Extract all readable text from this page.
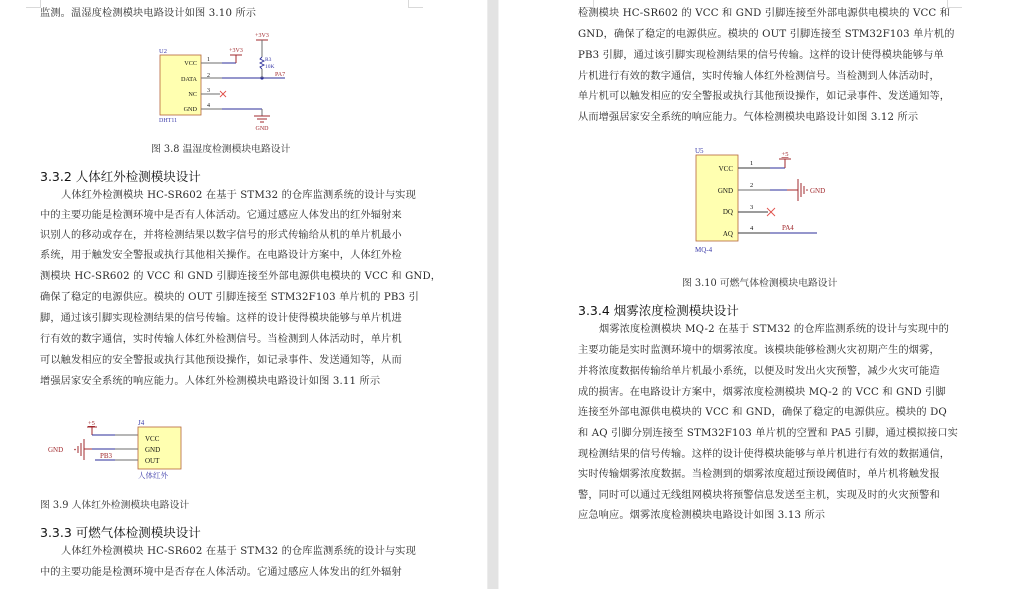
监测。温湿度检测模块电路设计如图 3.10 所示
U2
DHT11
VCC
DATA
NC
GND
1
2
3
4
+3V3
PA7
+3V3
R3
10K
GND
图 3.8 温湿度检测模块电路设计
3.3.2 人体红外检测模块设计
人体红外检测模块 HC-SR602 在基于 STM32 的仓库监测系统的设计与实现
中的主要功能是检测环境中是否有人体活动。它通过感应人体发出的红外辐射来
识别人的移动或存在，并将检测结果以数字信号的形式传输给从机的单片机最小
系统，用于触发安全警报或执行其他相关操作。在电路设计方案中，人体红外检
测模块 HC-SR602 的 VCC 和 GND 引脚连接至外部电源供电模块的 VCC 和 GND，
确保了稳定的电源供应。模块的 OUT 引脚连接至 STM32F103 单片机的 PB3 引
脚，通过该引脚实现检测结果的信号传输。这样的设计使得模块能够与单片机进
行有效的数字通信，实时传输人体红外检测信号。当检测到人体活动时，单片机
可以触发相应的安全警报或执行其他预设操作，如记录事件、发送通知等，从而
增强居家安全系统的响应能力。人体红外检测模块电路设计如图 3.11 所示
+5	J4
VCC
GND
OUT
人体红外
GND
PB3
图 3.9 人体红外检测模块电路设计
3.3.3 可燃气体检测模块设计
人体红外检测模块 HC-SR602 在基于 STM32 的仓库监测系统的设计与实现
中的主要功能是检测环境中是否存在人体活动。它通过感应人体发出的红外辐射
检测模块 HC-SR602 的 VCC 和 GND 引脚连接至外部电源供电模块的 VCC 和
GND，确保了稳定的电源供应。模块的 OUT 引脚连接至 STM32F103 单片机的
PB3 引脚，通过该引脚实现检测结果的信号传输。这样的设计使得模块能够与单
片机进行有效的数字通信，实时传输人体红外检测信号。当检测到人体活动时，
单片机可以触发相应的安全警报或执行其他预设操作，如记录事件、发送通知等，
从而增强居家安全系统的响应能力。气体检测模块电路设计如图 3.12 所示
U5
MQ-4
VCC
GND
DQ
AQ
1
2
3
4
+5
GND
PA4
图 3.10 可燃气体检测模块电路设计
3.3.4 烟雾浓度检测模块设计
烟雾浓度检测模块 MQ-2 在基于 STM32 的仓库监测系统的设计与实现中的
主要功能是实时监测环境中的烟雾浓度。该模块能够检测火灾初期产生的烟雾，
并将浓度数据传输给单片机最小系统，以便及时发出火灾预警，减少火灾可能造
成的损害。在电路设计方案中，烟雾浓度检测模块 MQ-2 的 VCC 和 GND 引脚
连接至外部电源供电模块的 VCC 和 GND，确保了稳定的电源供应。模块的 DQ
和 AQ 引脚分别连接至 STM32F103 单片机的空置和 PA5 引脚，通过模拟接口实
现检测结果的信号传输。这样的设计使得模块能够与单片机进行有效的数据通信，
实时传输烟雾浓度数据。当检测到的烟雾浓度超过预设阈值时，单片机将触发报
警，同时可以通过无线组网模块将预警信息发送至主机，实现及时的火灾预警和
应急响应。烟雾浓度检测模块电路设计如图 3.13 所示
